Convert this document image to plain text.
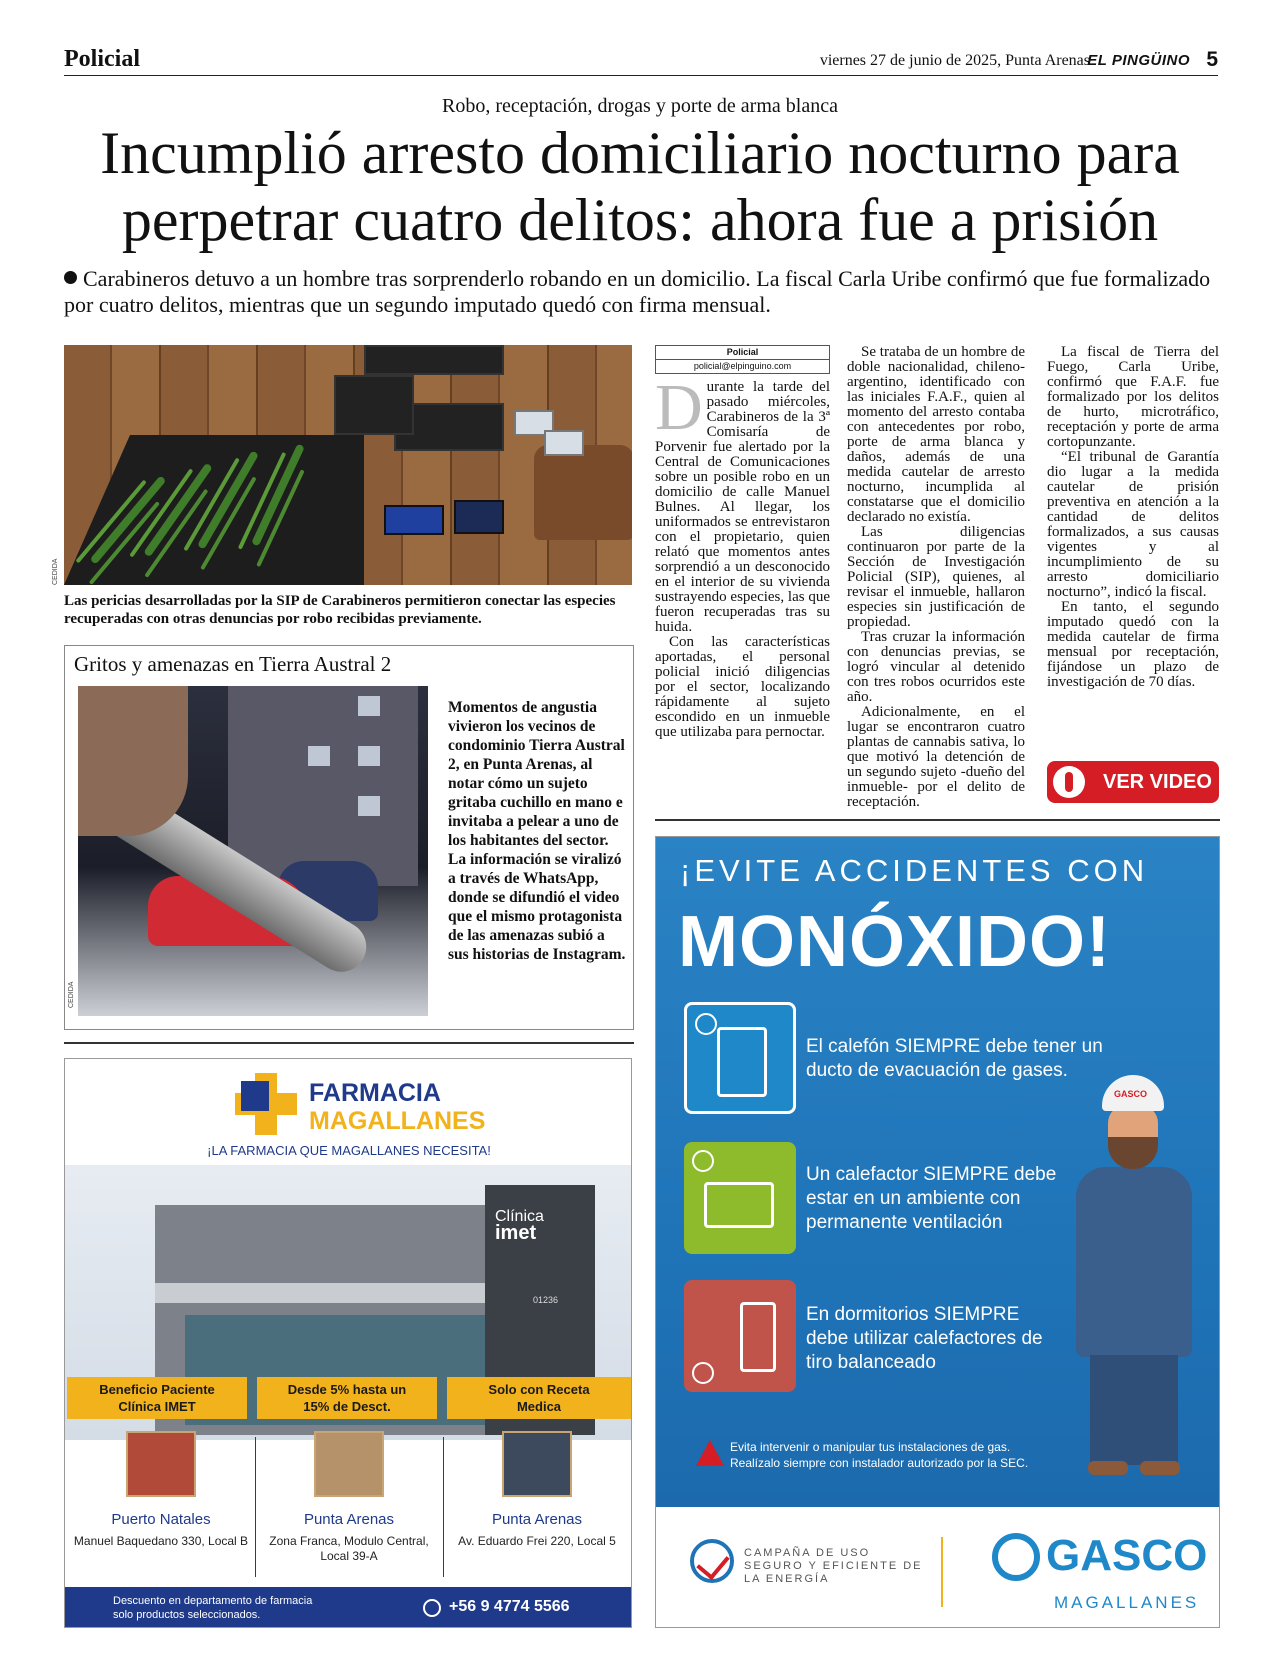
Policial	viernes 27 de junio de 2025, Punta Arenas
EL PINGÜINO 5
Robo, receptación, drogas y porte de arma blanca
Incumplió arresto domiciliario nocturno para perpetrar cuatro delitos: ahora fue a prisión
Carabineros detuvo a un hombre tras sorprenderlo robando en un domicilio. La fiscal Carla Uribe confirmó que fue formalizado por cuatro delitos, mientras que un segundo imputado quedó con firma mensual.
CEDIDA
Las pericias desarrolladas por la SIP de Carabineros permitieron conectar las especies recuperadas con otras denuncias por robo recibidas previamente.
Gritos y amenazas en Tierra Austral 2
Momentos de angustia vivieron los vecinos de condominio Tierra Austral 2, en Punta Arenas, al notar cómo un sujeto gritaba cuchillo en mano e invitaba a pelear a uno de los habitantes del sector. La información se viralizó a través de WhatsApp, donde se difundió el video que el mismo protagonista de las amenazas subió a sus historias de Instagram.
CEDIDA
Policial
policial@elpinguino.com

Durante la tarde del pasado miércoles, Carabineros de la 3ª Comisaría de Porvenir fue alertado por la Central de Comunicaciones sobre un posible robo en un domicilio de calle Manuel Bulnes. Al llegar, los uniformados se entrevistaron con el propietario, quien relató que momentos antes sorprendió a un desconocido en el interior de su vivienda sustrayendo especies, las que fueron recuperadas tras su huida.

Con las características aportadas, el personal policial inició diligencias por el sector, localizando rápidamente al sujeto escondido en un inmueble que utilizaba para pernoctar.

Se trataba de un hombre de doble nacionalidad, chileno-argentino, identificado con las iniciales F.A.F., quien al momento del arresto contaba con antecedentes por robo, porte de arma blanca y daños, además de una medida cautelar de arresto nocturno, incumplida al constatarse que el domicilio declarado no existía.

Las diligencias continuaron por parte de la Sección de Investigación Policial (SIP), quienes, al revisar el inmueble, hallaron especies sin justificación de propiedad.

Tras cruzar la información con denuncias previas, se logró vincular al detenido con tres robos ocurridos este año.

Adicionalmente, en el lugar se encontraron cuatro plantas de cannabis sativa, lo que motivó la detención de un segundo sujeto -dueño del inmueble- por el delito de receptación.

La fiscal de Tierra del Fuego, Carla Uribe, confirmó que F.A.F. fue formalizado por los delitos de hurto, microtráfico, receptación y porte de arma cortopunzante.

“El tribunal de Garantía dio lugar a la medida cautelar de prisión preventiva en atención a la cantidad de delitos formalizados, a sus causas vigentes y al incumplimiento de su arresto domiciliario nocturno”, indicó la fiscal.

En tanto, el segundo imputado quedó con la medida cautelar de firma mensual por receptación, fijándose un plazo de investigación de 70 días.

VER VIDEO
FARMACIA
MAGALLANES
¡LA FARMACIA QUE MAGALLANES NECESITA!
Clínica
imet
01236
Beneficio Paciente Clínica IMET
Desde 5% hasta un 15% de Desct.
Solo con Receta Medica
Puerto Natales
Manuel Baquedano 330, Local B
Punta Arenas
Zona Franca, Modulo Central, Local 39-A
Punta Arenas
Av. Eduardo Frei 220, Local 5
Descuento en departamento de farmacia
solo productos seleccionados.	+56 9 4774 5566
¡EVITE ACCIDENTES CON
MONÓXIDO!
El calefón SIEMPRE debe tener un ducto de evacuación de gases.
Un calefactor SIEMPRE debe estar en un ambiente con permanente ventilación
En dormitorios SIEMPRE debe utilizar calefactores de tiro balanceado
GASCO
Evita intervenir o manipular tus instalaciones de gas.
Realízalo siempre con instalador autorizado por la SEC.
CAMPAÑA DE USO SEGURO Y EFICIENTE DE LA ENERGÍA	GASCO
MAGALLANES
